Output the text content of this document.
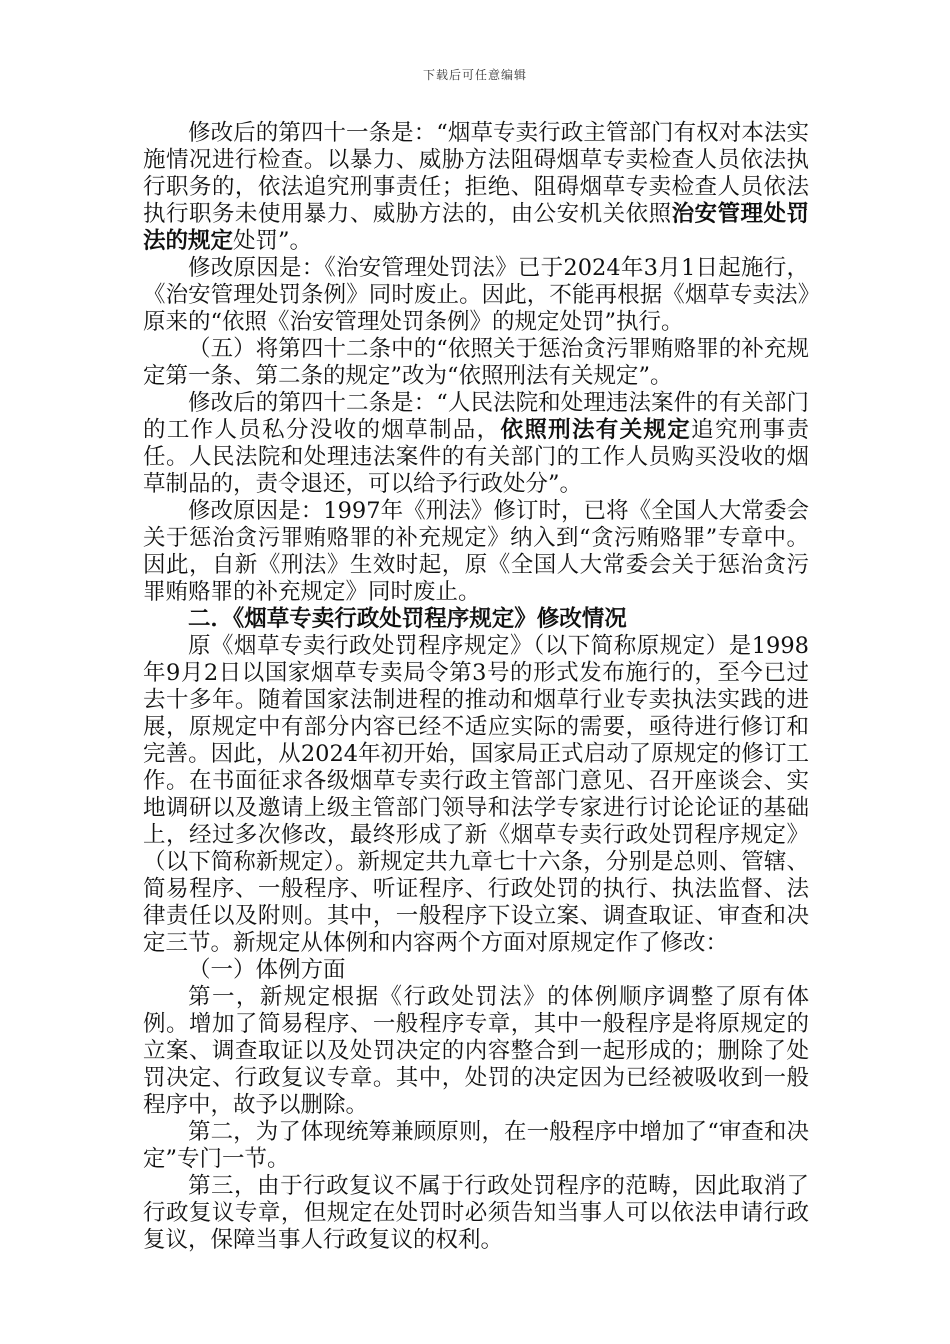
下载后可任意编辑

修改后的第四十一条是：“烟草专卖行政主管部门有权对本法实施情况进行检查。以暴力、威胁方法阻碍烟草专卖检查人员依法执行职务的，依法追究刑事责任；拒绝、阻碍烟草专卖检查人员依法执行职务未使用暴力、威胁方法的，由公安机关依照治安管理处罚法的规定处罚”。

修改原因是：《治安管理处罚法》已于2024年3月1日起施行，《治安管理处罚条例》同时废止。因此，不能再根据《烟草专卖法》原来的“依照《治安管理处罚条例》的规定处罚”执行。

（五）将第四十二条中的“依照关于惩治贪污罪贿赂罪的补充规定第一条、第二条的规定”改为“依照刑法有关规定”。

修改后的第四十二条是：“人民法院和处理违法案件的有关部门的工作人员私分没收的烟草制品，依照刑法有关规定追究刑事责任。人民法院和处理违法案件的有关部门的工作人员购买没收的烟草制品的，责令退还，可以给予行政处分”。

修改原因是：1997年《刑法》修订时，已将《全国人大常委会关于惩治贪污罪贿赂罪的补充规定》纳入到“贪污贿赂罪”专章中。因此，自新《刑法》生效时起，原《全国人大常委会关于惩治贪污罪贿赂罪的补充规定》同时废止。

二．《烟草专卖行政处罚程序规定》修改情况

原《烟草专卖行政处罚程序规定》（以下简称原规定）是1998年9月2日以国家烟草专卖局令第3号的形式发布施行的，至今已过去十多年。随着国家法制进程的推动和烟草行业专卖执法实践的进展，原规定中有部分内容已经不适应实际的需要，亟待进行修订和完善。因此，从2024年初开始，国家局正式启动了原规定的修订工作。在书面征求各级烟草专卖行政主管部门意见、召开座谈会、实地调研以及邀请上级主管部门领导和法学专家进行讨论论证的基础上，经过多次修改，最终形成了新《烟草专卖行政处罚程序规定》（以下简称新规定）。新规定共九章七十六条，分别是总则、管辖、简易程序、一般程序、听证程序、行政处罚的执行、执法监督、法律责任以及附则。其中，一般程序下设立案、调查取证、审查和决定三节。新规定从体例和内容两个方面对原规定作了修改：

（一）体例方面

第一，新规定根据《行政处罚法》的体例顺序调整了原有体例。增加了简易程序、一般程序专章，其中一般程序是将原规定的立案、调查取证以及处罚决定的内容整合到一起形成的；删除了处罚决定、行政复议专章。其中，处罚的决定因为已经被吸收到一般程序中，故予以删除。

第二，为了体现统筹兼顾原则，在一般程序中增加了“审查和决定”专门一节。

第三，由于行政复议不属于行政处罚程序的范畴，因此取消了行政复议专章，但规定在处罚时必须告知当事人可以依法申请行政复议，保障当事人行政复议的权利。
